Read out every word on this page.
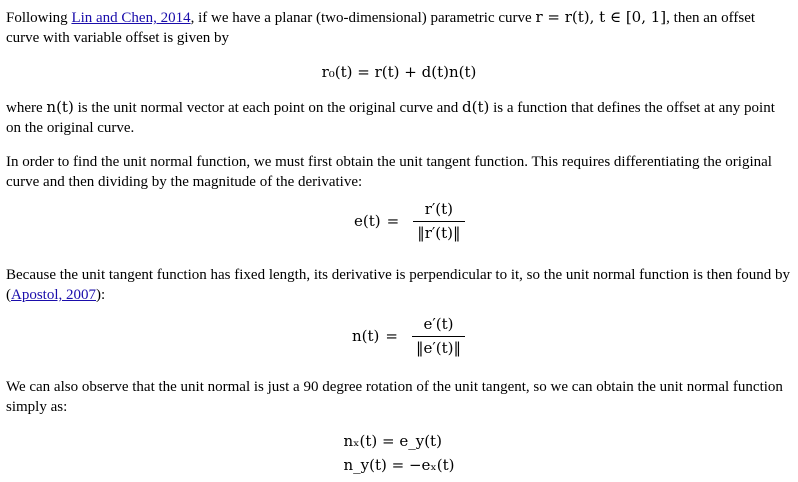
Following Lin and Chen, 2014, if we have a planar (two-dimensional) parametric curve r = r(t), t ∈ [0, 1], then an offset curve with variable offset is given by

r₀(t) = r(t) + d(t)n(t)

where n(t) is the unit normal vector at each point on the original curve and d(t) is a function that defines the offset at any point on the original curve.

In order to find the unit normal function, we must first obtain the unit tangent function. This requires differentiating the original curve and then dividing by the magnitude of the derivative:

$e(t) = \frac{r'(t)}{‖r'(t)‖}$

Because the unit tangent function has fixed length, its derivative is perpendicular to it, so the unit normal function is then found by (Apostol, 2007):

$n(t) = \frac{e'(t)}{‖e'(t)‖}$

We can also observe that the unit normal is just a 90 degree rotation of the unit tangent, so we can obtain the unit normal function simply as:

nₓ(t) = e_y(t)
n_y(t) = −eₓ(t)
